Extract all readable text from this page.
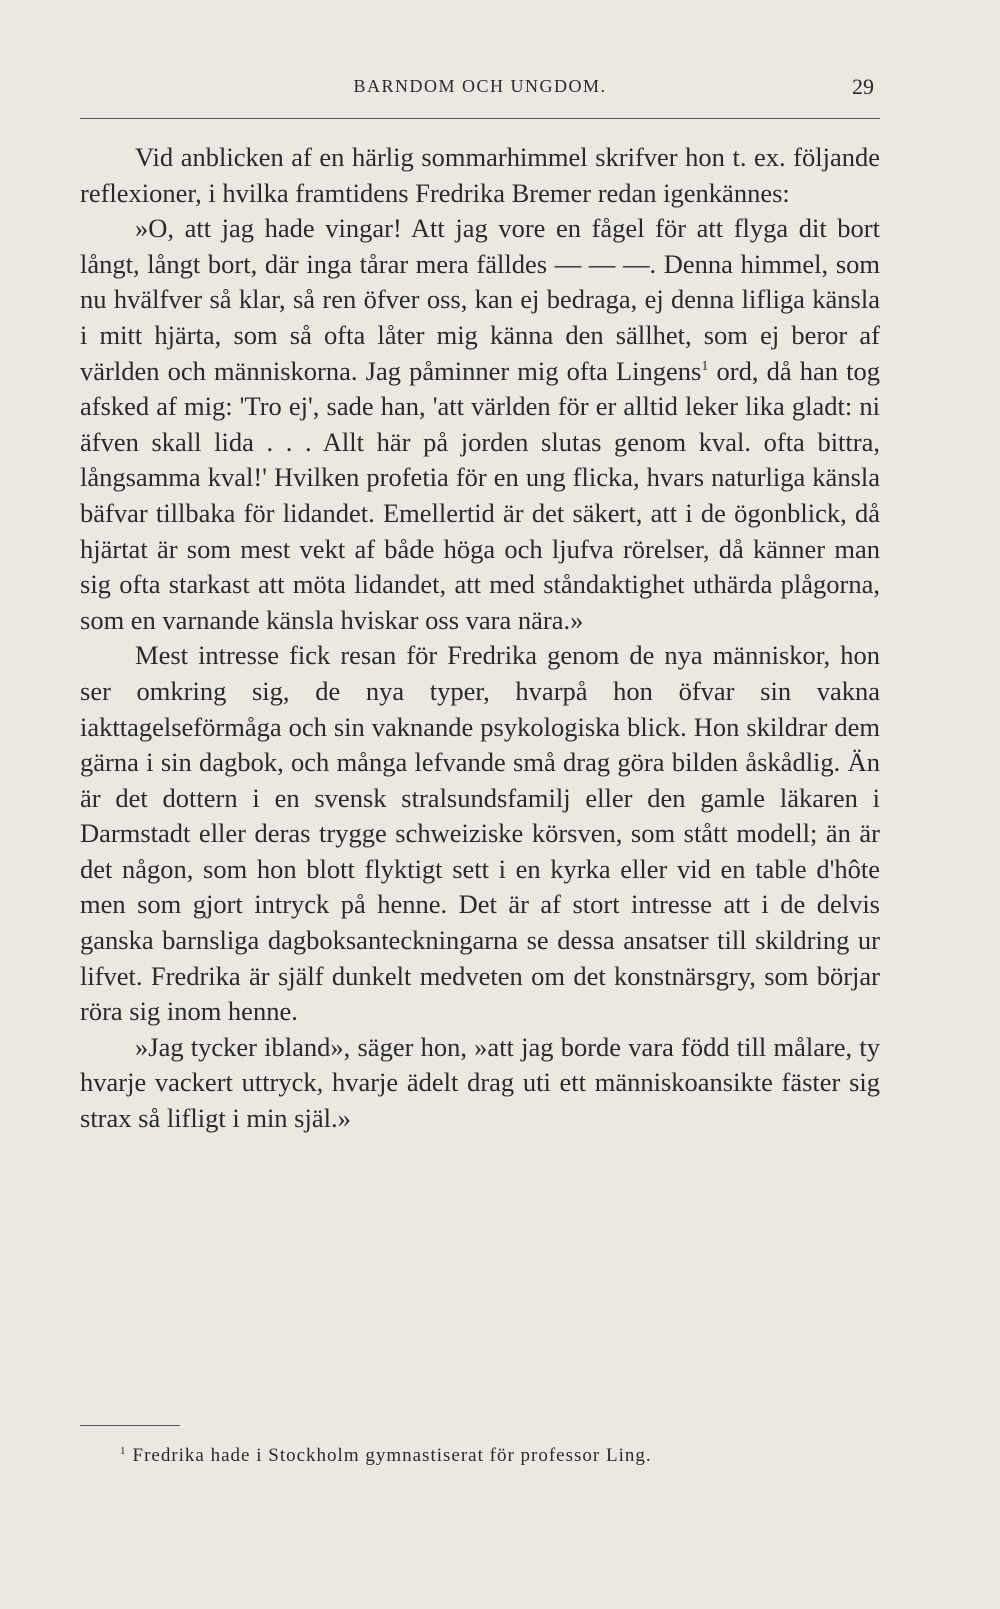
BARNDOM OCH UNGDOM.	29

Vid anblicken af en härlig sommarhimmel skrifver hon t. ex. följande reflexioner, i hvilka framtidens Fredrika Bremer redan igenkännes:

»O, att jag hade vingar! Att jag vore en fågel för att flyga dit bort långt, långt bort, där inga tårar mera fälldes — — —. Denna himmel, som nu hvälfver så klar, så ren öfver oss, kan ej bedraga, ej denna lifliga känsla i mitt hjärta, som så ofta låter mig känna den sällhet, som ej beror af världen och människorna. Jag påminner mig ofta Lingens$^1$ ord, då han tog afsked af mig: 'Tro ej', sade han, 'att världen för er alltid leker lika gladt: ni äfven skall lida . . . Allt här på jorden slutas genom kval. ofta bittra, långsamma kval!' Hvilken profetia för en ung flicka, hvars naturliga känsla bäfvar tillbaka för lidandet. Emellertid är det säkert, att i de ögonblick, då hjärtat är som mest vekt af både höga och ljufva rörelser, då känner man sig ofta starkast att möta lidandet, att med ståndaktighet uthärda plågorna, som en varnande känsla hviskar oss vara nära.»

Mest intresse fick resan för Fredrika genom de nya människor, hon ser omkring sig, de nya typer, hvarpå hon öfvar sin vakna iakttagelseförmåga och sin vaknande psykologiska blick. Hon skildrar dem gärna i sin dagbok, och många lefvande små drag göra bilden åskådlig. Än är det dottern i en svensk stralsundsfamilj eller den gamle läkaren i Darmstadt eller deras trygge schweiziske körsven, som stått modell; än är det någon, som hon blott flyktigt sett i en kyrka eller vid en table d'hôte men som gjort intryck på henne. Det är af stort intresse att i de delvis ganska barnsliga dagboksanteckningarna se dessa ansatser till skildring ur lifvet. Fredrika är själf dunkelt medveten om det konstnärsgry, som börjar röra sig inom henne.

»Jag tycker ibland», säger hon, »att jag borde vara född till målare, ty hvarje vackert uttryck, hvarje ädelt drag uti ett människoansikte fäster sig strax så lifligt i min själ.»

$^1$ Fredrika hade i Stockholm gymnastiserat för professor Ling.
